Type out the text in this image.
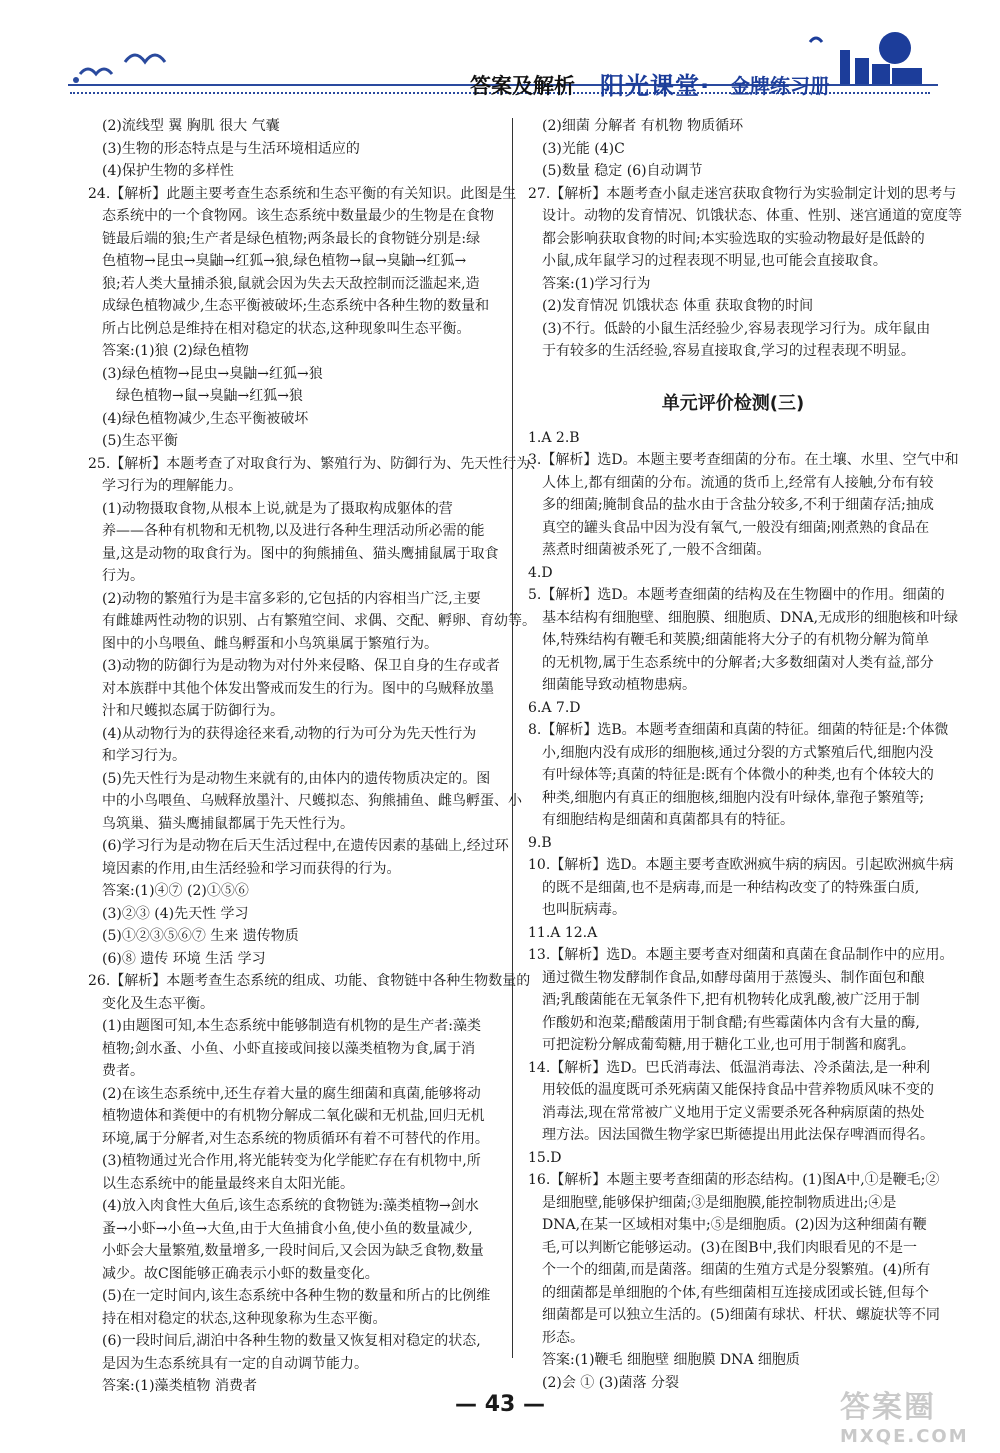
答案及解析 阳光课堂· 金牌练习册
(2)流线型 翼 胸肌 很大 气囊
(3)生物的形态特点是与生活环境相适应的
(4)保护生物的多样性
24.【解析】此题主要考查生态系统和生态平衡的有关知识。此图是生
态系统中的一个食物网。该生态系统中数量最少的生物是在食物
链最后端的狼;生产者是绿色植物;两条最长的食物链分别是:绿
色植物→昆虫→臭鼬→红狐→狼,绿色植物→鼠→臭鼬→红狐→
狼;若人类大量捕杀狼,鼠就会因为失去天敌控制而泛滥起来,造
成绿色植物减少,生态平衡被破坏;生态系统中各种生物的数量和
所占比例总是维持在相对稳定的状态,这种现象叫生态平衡。
答案:(1)狼 (2)绿色植物
(3)绿色植物→昆虫→臭鼬→红狐→狼
绿色植物→鼠→臭鼬→红狐→狼
(4)绿色植物减少,生态平衡被破坏
(5)生态平衡
25.【解析】本题考查了对取食行为、繁殖行为、防御行为、先天性行为、
学习行为的理解能力。
(1)动物摄取食物,从根本上说,就是为了摄取构成躯体的营
养——各种有机物和无机物,以及进行各种生理活动所必需的能
量,这是动物的取食行为。图中的狗熊捕鱼、猫头鹰捕鼠属于取食
行为。
(2)动物的繁殖行为是丰富多彩的,它包括的内容相当广泛,主要
有雌雄两性动物的识别、占有繁殖空间、求偶、交配、孵卵、育幼等。
图中的小鸟喂鱼、雌鸟孵蛋和小鸟筑巢属于繁殖行为。
(3)动物的防御行为是动物为对付外来侵略、保卫自身的生存或者
对本族群中其他个体发出警戒而发生的行为。图中的乌贼释放墨
汁和尺蠖拟态属于防御行为。
(4)从动物行为的获得途径来看,动物的行为可分为先天性行为
和学习行为。
(5)先天性行为是动物生来就有的,由体内的遗传物质决定的。图
中的小鸟喂鱼、乌贼释放墨汁、尺蠖拟态、狗熊捕鱼、雌鸟孵蛋、小
鸟筑巢、猫头鹰捕鼠都属于先天性行为。
(6)学习行为是动物在后天生活过程中,在遗传因素的基础上,经过环
境因素的作用,由生活经验和学习而获得的行为。
答案:(1)④⑦ (2)①⑤⑥
(3)②③ (4)先天性 学习
(5)①②③⑤⑥⑦ 生来 遗传物质
(6)⑧ 遗传 环境 生活 学习
26.【解析】本题考查生态系统的组成、功能、食物链中各种生物数量的
变化及生态平衡。
(1)由题图可知,本生态系统中能够制造有机物的是生产者:藻类
植物;剑水蚤、小鱼、小虾直接或间接以藻类植物为食,属于消
费者。
(2)在该生态系统中,还生存着大量的腐生细菌和真菌,能够将动
植物遗体和粪便中的有机物分解成二氧化碳和无机盐,回归无机
环境,属于分解者,对生态系统的物质循环有着不可替代的作用。
(3)植物通过光合作用,将光能转变为化学能贮存在有机物中,所
以生态系统中的能量最终来自太阳光能。
(4)放入肉食性大鱼后,该生态系统的食物链为:藻类植物→剑水
蚤→小虾→小鱼→大鱼,由于大鱼捕食小鱼,使小鱼的数量减少,
小虾会大量繁殖,数量增多,一段时间后,又会因为缺乏食物,数量
减少。故C图能够正确表示小虾的数量变化。
(5)在一定时间内,该生态系统中各种生物的数量和所占的比例维
持在相对稳定的状态,这种现象称为生态平衡。
(6)一段时间后,湖泊中各种生物的数量又恢复相对稳定的状态,
是因为生态系统具有一定的自动调节能力。
答案:(1)藻类植物 消费者
(2)细菌 分解者 有机物 物质循环
(3)光能 (4)C
(5)数量 稳定 (6)自动调节
27.【解析】本题考查小鼠走迷宫获取食物行为实验制定计划的思考与
设计。动物的发育情况、饥饿状态、体重、性别、迷宫通道的宽度等
都会影响获取食物的时间;本实验选取的实验动物最好是低龄的
小鼠,成年鼠学习的过程表现不明显,也可能会直接取食。
答案:(1)学习行为
(2)发育情况 饥饿状态 体重 获取食物的时间
(3)不行。低龄的小鼠生活经验少,容易表现学习行为。成年鼠由
于有较多的生活经验,容易直接取食,学习的过程表现不明显。
单元评价检测(三)
1.A 2.B
3.【解析】选D。本题主要考查细菌的分布。在土壤、水里、空气中和
人体上,都有细菌的分布。流通的货币上,经常有人接触,分布有较
多的细菌;腌制食品的盐水由于含盐分较多,不利于细菌存活;抽成
真空的罐头食品中因为没有氧气,一般没有细菌;刚煮熟的食品在
蒸煮时细菌被杀死了,一般不含细菌。
4.D
5.【解析】选D。本题考查细菌的结构及在生物圈中的作用。细菌的
基本结构有细胞壁、细胞膜、细胞质、DNA,无成形的细胞核和叶绿
体,特殊结构有鞭毛和荚膜;细菌能将大分子的有机物分解为简单
的无机物,属于生态系统中的分解者;大多数细菌对人类有益,部分
细菌能导致动植物患病。
6.A 7.D
8.【解析】选B。本题考查细菌和真菌的特征。细菌的特征是:个体微
小,细胞内没有成形的细胞核,通过分裂的方式繁殖后代,细胞内没
有叶绿体等;真菌的特征是:既有个体微小的种类,也有个体较大的
种类,细胞内有真正的细胞核,细胞内没有叶绿体,靠孢子繁殖等;
有细胞结构是细菌和真菌都具有的特征。
9.B
10.【解析】选D。本题主要考查欧洲疯牛病的病因。引起欧洲疯牛病
的既不是细菌,也不是病毒,而是一种结构改变了的特殊蛋白质,
也叫朊病毒。
11.A 12.A
13.【解析】选D。本题主要考查对细菌和真菌在食品制作中的应用。
通过微生物发酵制作食品,如酵母菌用于蒸馒头、制作面包和酿
酒;乳酸菌能在无氧条件下,把有机物转化成乳酸,被广泛用于制
作酸奶和泡菜;醋酸菌用于制食醋;有些霉菌体内含有大量的酶,
可把淀粉分解成葡萄糖,用于糖化工业,也可用于制酱和腐乳。
14.【解析】选D。巴氏消毒法、低温消毒法、冷杀菌法,是一种利
用较低的温度既可杀死病菌又能保持食品中营养物质风味不变的
消毒法,现在常常被广义地用于定义需要杀死各种病原菌的热处
理方法。因法国微生物学家巴斯德提出用此法保存啤酒而得名。
15.D
16.【解析】本题主要考查细菌的形态结构。(1)图A中,①是鞭毛;②
是细胞壁,能够保护细菌;③是细胞膜,能控制物质进出;④是
DNA,在某一区域相对集中;⑤是细胞质。(2)因为这种细菌有鞭
毛,可以判断它能够运动。(3)在图B中,我们肉眼看见的不是一
个一个的细菌,而是菌落。细菌的生殖方式是分裂繁殖。(4)所有
的细菌都是单细胞的个体,有些细菌相互连接成团或长链,但每个
细菌都是可以独立生活的。(5)细菌有球状、杆状、螺旋状等不同
形态。
答案:(1)鞭毛 细胞壁 细胞膜 DNA 细胞质
(2)会 ① (3)菌落 分裂
— 43 —	答案圈
MXQE.COM
